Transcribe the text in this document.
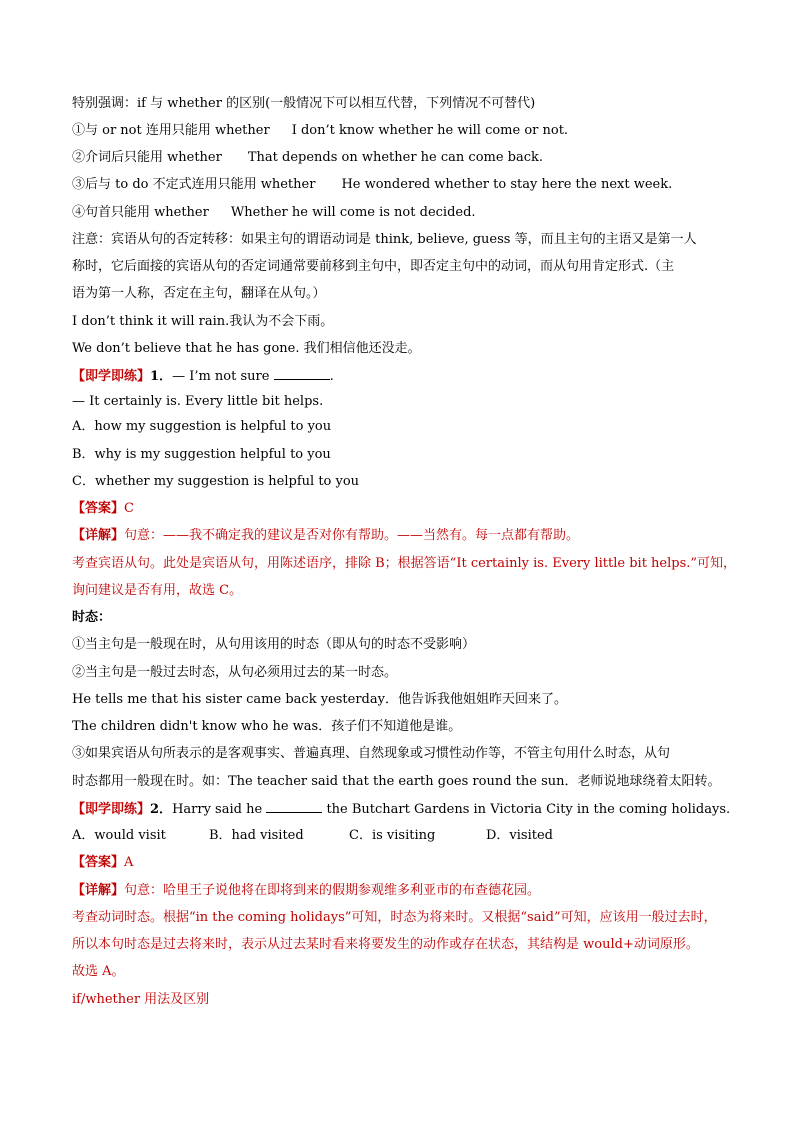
特别强调：if 与 whether 的区别(一般情况下可以相互代替，下列情况不可替代)
①与 or not 连用只能用 whether I don’t know whether he will come or not.
②介词后只能用 whether That depends on whether he can come back.
③后与 to do 不定式连用只能用 whether He wondered whether to stay here the next week.
④句首只能用 whether Whether he will come is not decided.
注意：宾语从句的否定转移：如果主句的谓语动词是 think, believe, guess 等，而且主句的主语又是第一人
称时，它后面接的宾语从句的否定词通常要前移到主句中，即否定主句中的动词，而从句用肯定形式.（主
语为第一人称，否定在主句，翻译在从句。）
I don’t think it will rain.我认为不会下雨。
We don’t believe that he has gone. 我们相信他还没走。
【即学即练】1．— I’m not sure	.
— It certainly is. Every little bit helps.
A．how my suggestion is helpful to you
B．why is my suggestion helpful to you
C．whether my suggestion is helpful to you
【答案】C
【详解】句意：——我不确定我的建议是否对你有帮助。——当然有。每一点都有帮助。
考查宾语从句。此处是宾语从句，用陈述语序，排除 B；根据答语“It certainly is. Every little bit helps.”可知，
询问建议是否有用，故选 C。
时态：
①当主句是一般现在时，从句用该用的时态（即从句的时态不受影响）
②当主句是一般过去时态，从句必须用过去的某一时态。
He tells me that his sister came back yesterday．他告诉我他姐姐昨天回来了。
The children didn't know who he was．孩子们不知道他是谁。
③如果宾语从句所表示的是客观事实、普遍真理、自然现象或习惯性动作等，不管主句用什么时态，从句
时态都用一般现在时。如：The teacher said that the earth goes round the sun．老师说地球绕着太阳转。
【即学即练】2．Harry said he	the Butchart Gardens in Victoria City in the coming holidays.
A．would visit	B．had visited	C．is visiting	D．visited
【答案】A
【详解】句意：哈里王子说他将在即将到来的假期参观维多利亚市的布查德花园。
考查动词时态。根据“in the coming holidays”可知，时态为将来时。又根据“said”可知，应该用一般过去时，
所以本句时态是过去将来时，表示从过去某时看来将要发生的动作或存在状态，其结构是 would+动词原形。
故选 A。
if/whether 用法及区别
